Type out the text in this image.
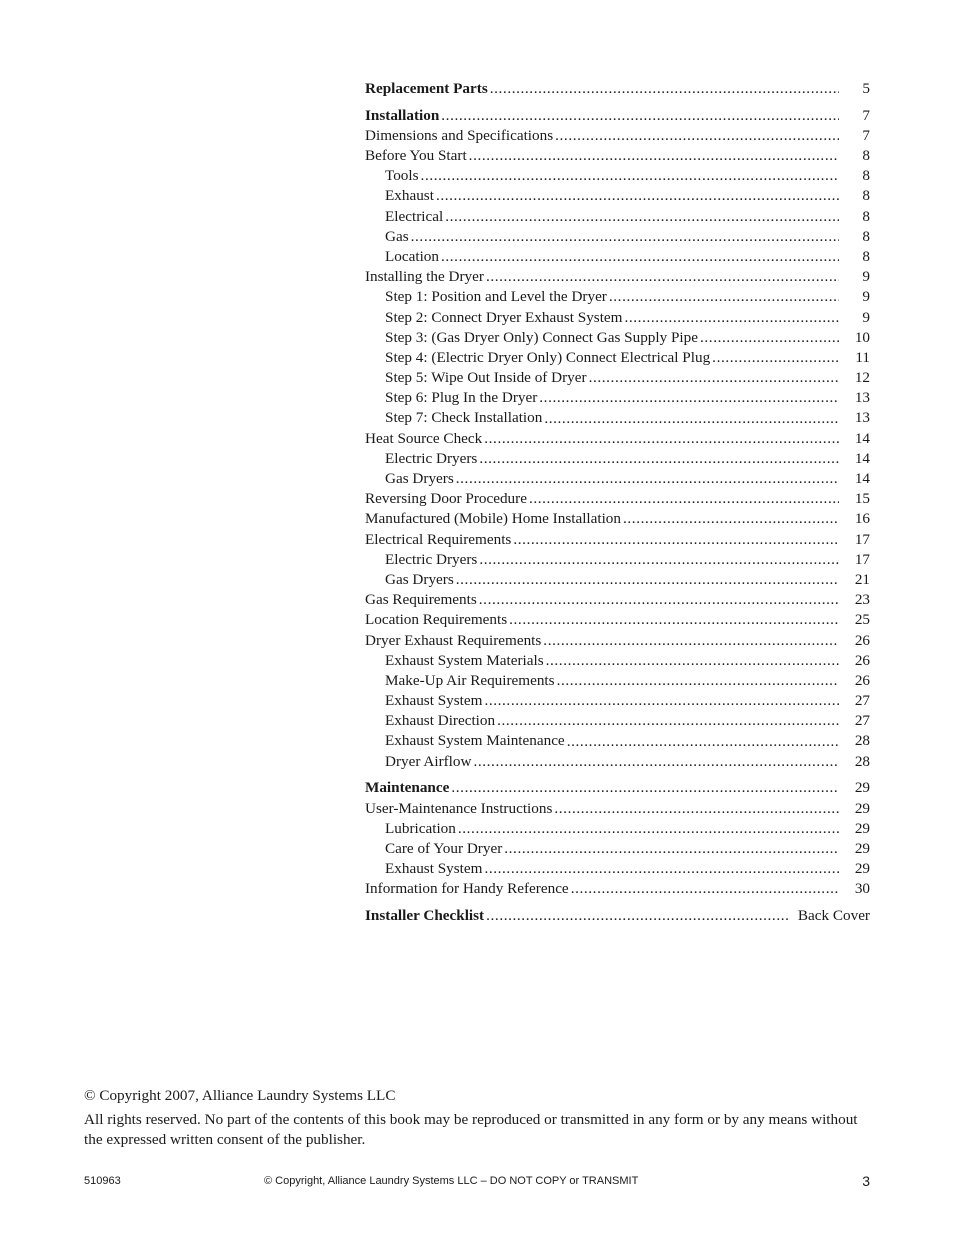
Replacement Parts .....	5
Installation .....	7
Dimensions and Specifications .....	7
Before You Start .....	8
Tools .....	8
Exhaust .....	8
Electrical .....	8
Gas .....	8
Location .....	8
Installing the Dryer .....	9
Step 1: Position and Level the Dryer .....	9
Step 2: Connect Dryer Exhaust System .....	9
Step 3: (Gas Dryer Only) Connect Gas Supply Pipe .....	10
Step 4: (Electric Dryer Only) Connect Electrical Plug .....	11
Step 5: Wipe Out Inside of Dryer .....	12
Step 6: Plug In the Dryer .....	13
Step 7: Check Installation .....	13
Heat Source Check .....	14
Electric Dryers .....	14
Gas Dryers .....	14
Reversing Door Procedure .....	15
Manufactured (Mobile) Home Installation .....	16
Electrical Requirements .....	17
Electric Dryers .....	17
Gas Dryers .....	21
Gas Requirements .....	23
Location Requirements .....	25
Dryer Exhaust Requirements .....	26
Exhaust System Materials .....	26
Make-Up Air Requirements .....	26
Exhaust System .....	27
Exhaust Direction .....	27
Exhaust System Maintenance .....	28
Dryer Airflow .....	28
Maintenance .....	29
User-Maintenance Instructions .....	29
Lubrication .....	29
Care of Your Dryer .....	29
Exhaust System .....	29
Information for Handy Reference .....	30
Installer Checklist .....	Back Cover
© Copyright 2007, Alliance Laundry Systems LLC
All rights reserved. No part of the contents of this book may be reproduced or transmitted in any form or by any means without the expressed written consent of the publisher.
510963	© Copyright, Alliance Laundry Systems LLC – DO NOT COPY or TRANSMIT	3
